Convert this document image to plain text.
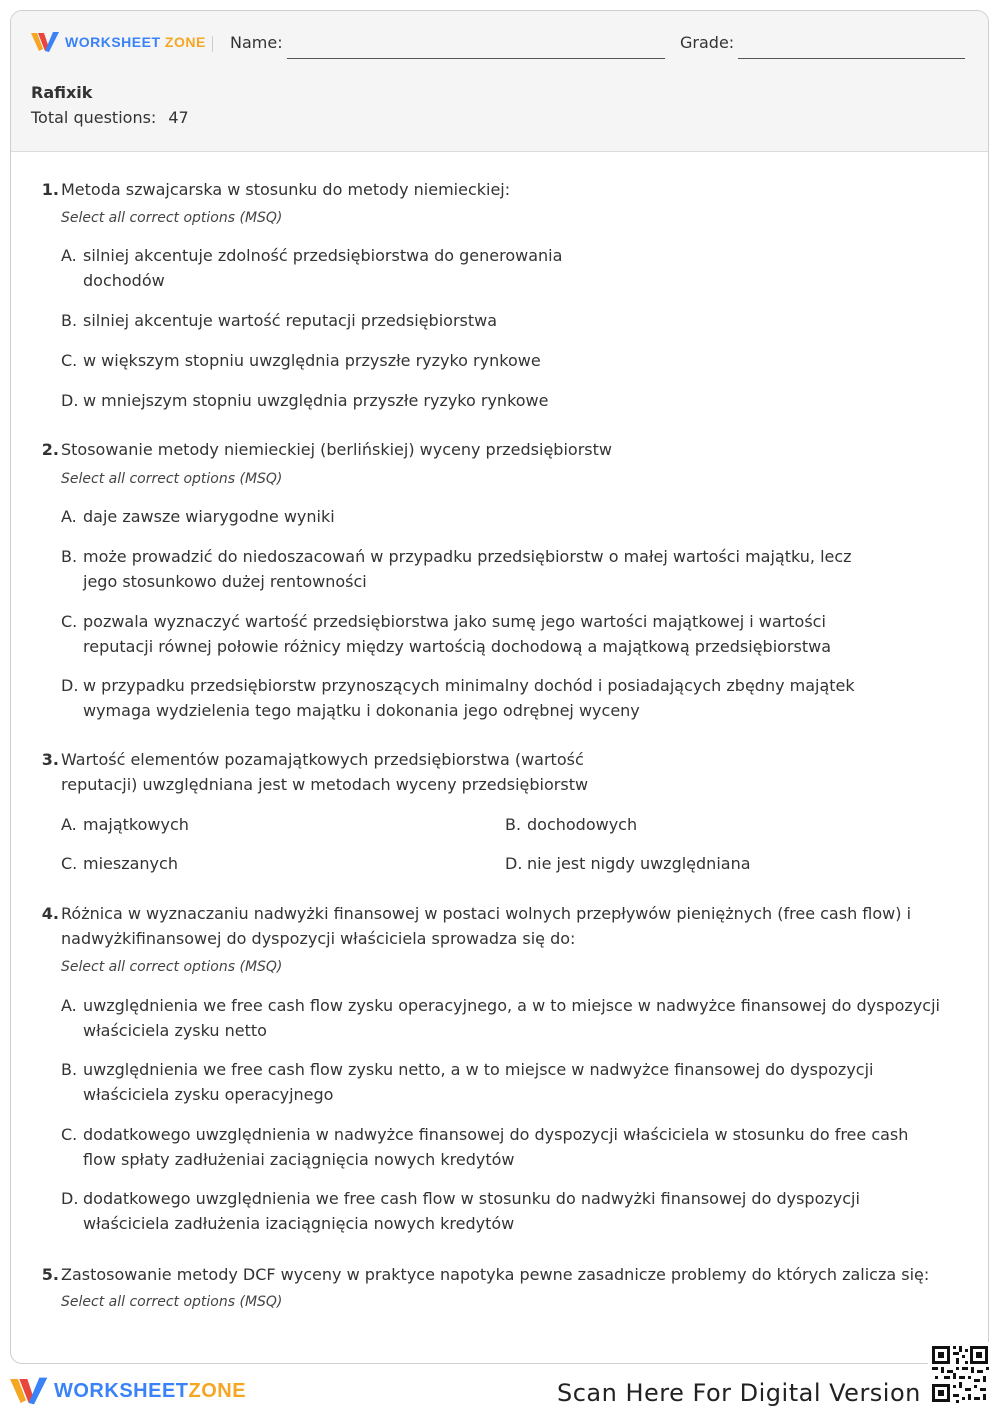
WORKSHEET ZONE Name:	Grade:
Rafixik
Total questions: 47
1. Metoda szwajcarska w stosunku do metody niemieckiej:
Select all correct options (MSQ)
A. silniej akcentuje zdolność przedsiębiorstwa do generowania
dochodów
B. silniej akcentuje wartość reputacji przedsiębiorstwa
C. w większym stopniu uwzględnia przyszłe ryzyko rynkowe
D. w mniejszym stopniu uwzględnia przyszłe ryzyko rynkowe
2. Stosowanie metody niemieckiej (berlińskiej) wyceny przedsiębiorstw
Select all correct options (MSQ)
A. daje zawsze wiarygodne wyniki
B. może prowadzić do niedoszacowań w przypadku przedsiębiorstw o małej wartości majątku, lecz
jego stosunkowo dużej rentowności
C. pozwala wyznaczyć wartość przedsiębiorstwa jako sumę jego wartości majątkowej i wartości
reputacji równej połowie różnicy między wartością dochodową a majątkową przedsiębiorstwa
D. w przypadku przedsiębiorstw przynoszących minimalny dochód i posiadających zbędny majątek
wymaga wydzielenia tego majątku i dokonania jego odrębnej wyceny
3. Wartość elementów pozamajątkowych przedsiębiorstwa (wartość
reputacji) uwzględniana jest w metodach wyceny przedsiębiorstw
A. majątkowych	B. dochodowych
C. mieszanych	D. nie jest nigdy uwzględniana
4. Różnica w wyznaczaniu nadwyżki finansowej w postaci wolnych przepływów pieniężnych (free cash flow) i
nadwyżkifinansowej do dyspozycji właściciela sprowadza się do:
Select all correct options (MSQ)
A. uwzględnienia we free cash flow zysku operacyjnego, a w to miejsce w nadwyżce finansowej do dyspozycji
właściciela zysku netto
B. uwzględnienia we free cash flow zysku netto, a w to miejsce w nadwyżce finansowej do dyspozycji
właściciela zysku operacyjnego
C. dodatkowego uwzględnienia w nadwyżce finansowej do dyspozycji właściciela w stosunku do free cash
flow spłaty zadłużeniai zaciągnięcia nowych kredytów
D. dodatkowego uwzględnienia we free cash flow w stosunku do nadwyżki finansowej do dyspozycji
właściciela zadłużenia izaciągnięcia nowych kredytów
5. Zastosowanie metody DCF wyceny w praktyce napotyka pewne zasadnicze problemy do których zalicza się:
Select all correct options (MSQ)
WORKSHEETZONE	Scan Here For Digital Version
